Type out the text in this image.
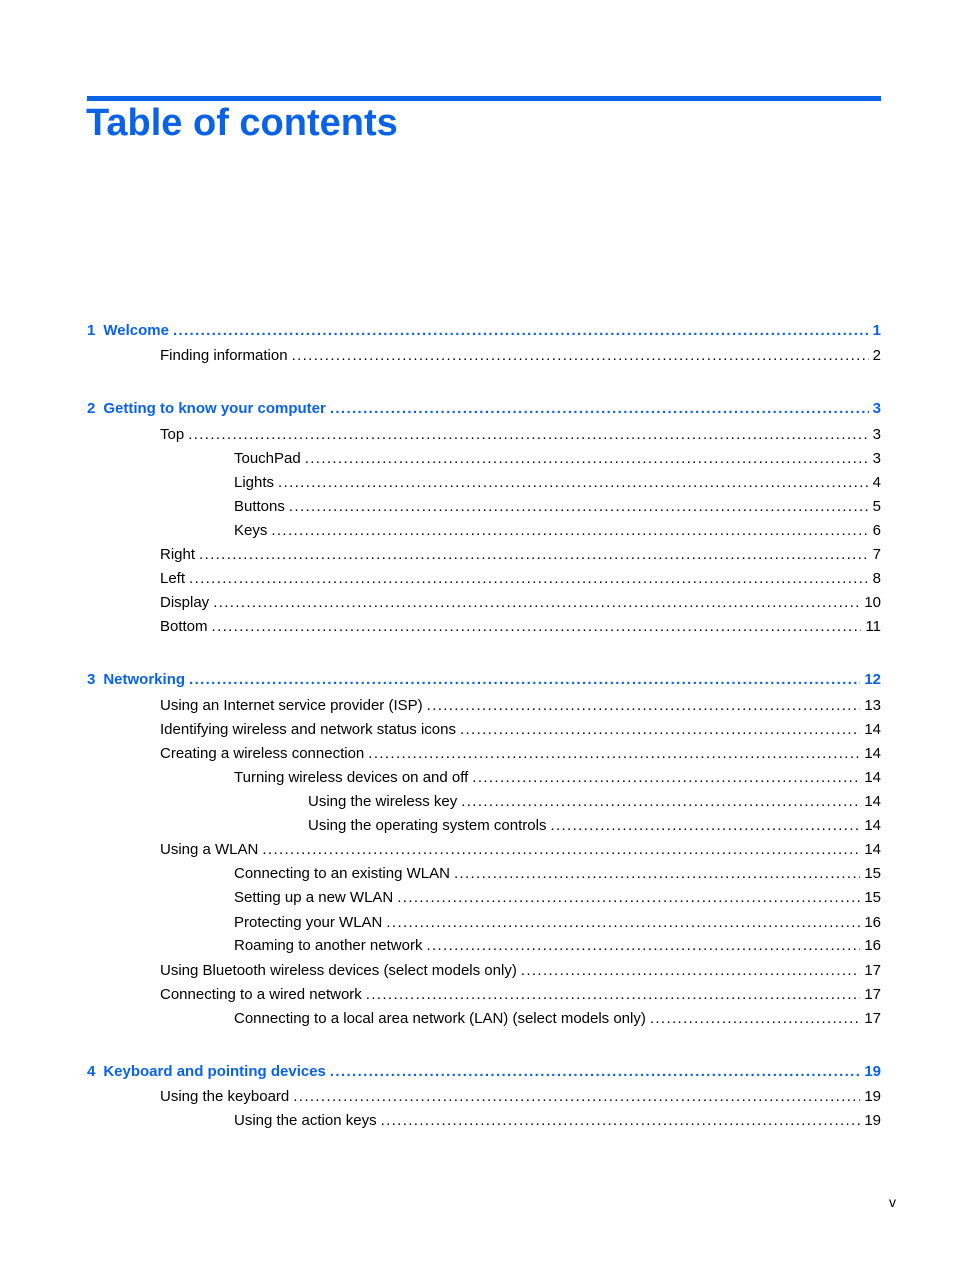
Table of contents
1 Welcome . . .	1
Finding information . . .	2
2 Getting to know your computer . . .	3
Top . . .	3
TouchPad . . .	3
Lights . . .	4
Buttons . . .	5
Keys . . .	6
Right . . .	7
Left . . .	8
Display . . .	10
Bottom . . .	11
3 Networking . . .	12
Using an Internet service provider (ISP) . . .	13
Identifying wireless and network status icons . . .	14
Creating a wireless connection . . .	14
Turning wireless devices on and off . . .	14
Using the wireless key . . .	14
Using the operating system controls . . .	14
Using a WLAN . . .	14
Connecting to an existing WLAN . . .	15
Setting up a new WLAN . . .	15
Protecting your WLAN . . .	16
Roaming to another network . . .	16
Using Bluetooth wireless devices (select models only) . . .	17
Connecting to a wired network . . .	17
Connecting to a local area network (LAN) (select models only) . . .	17
4 Keyboard and pointing devices . . .	19
Using the keyboard . . .	19
Using the action keys . . .	19
v
